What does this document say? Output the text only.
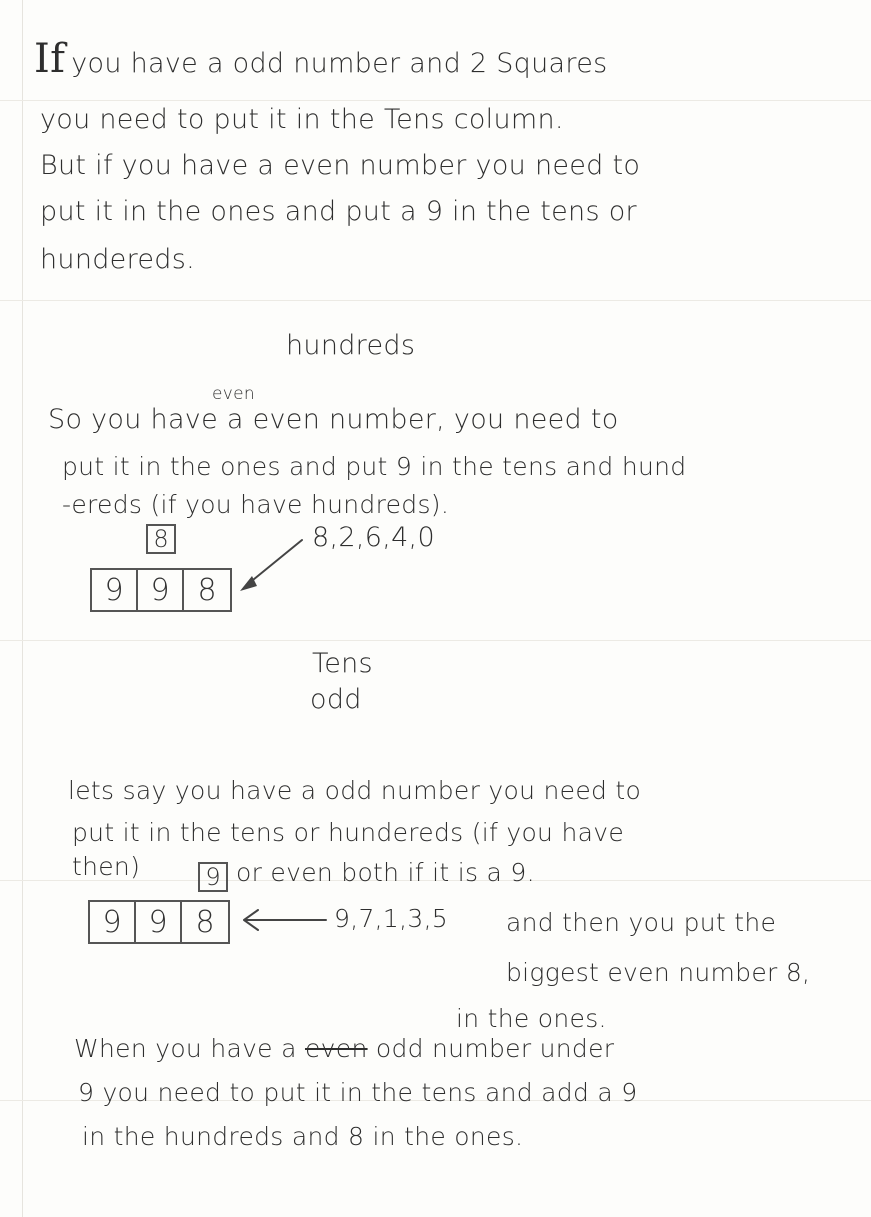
If you have a odd number and 2 Squares
you need to put it in the Tens column.
But if you have a even number you need to
put it in the ones and put a 9 in the tens or
hundereds.
hundreds
even
So you have a even number, you need to
put it in the ones and put 9 in the tens and hund
-ereds (if you have hundreds).
8	8,2,6,4,0
9 9 8
Tens
odd
lets say you have a odd number you need to
put it in the tens or hundereds (if you have
then)	9 or even both if it is a 9.
9 9 8	9,7,1,3,5 and then you put the
biggest even number 8,
in the ones.
When you have a even odd number under
9 you need to put it in the tens and add a 9
in the hundreds and 8 in the ones.
